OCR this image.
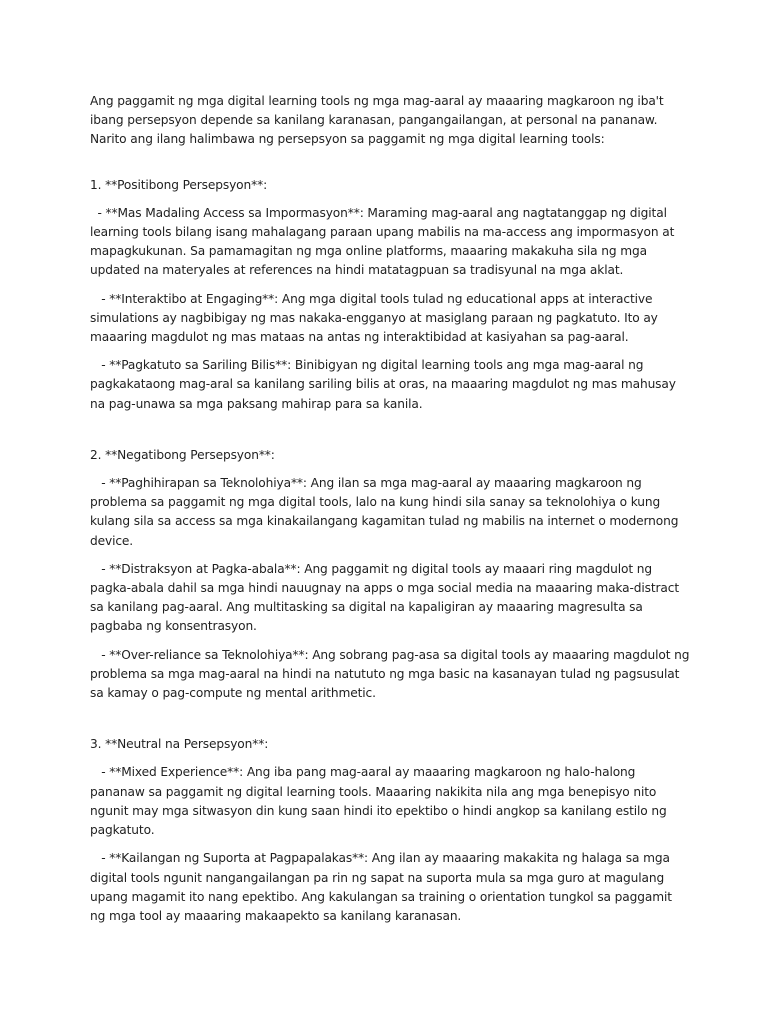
Ang paggamit ng mga digital learning tools ng mga mag-aaral ay maaaring magkaroon ng iba't ibang persepsyon depende sa kanilang karanasan, pangangailangan, at personal na pananaw. Narito ang ilang halimbawa ng persepsyon sa paggamit ng mga digital learning tools:

1. **Positibong Persepsyon**:

- **Mas Madaling Access sa Impormasyon**: Maraming mag-aaral ang nagtatanggap ng digital learning tools bilang isang mahalagang paraan upang mabilis na ma-access ang impormasyon at mapagkukunan. Sa pamamagitan ng mga online platforms, maaaring makakuha sila ng mga updated na materyales at references na hindi matatagpuan sa tradisyunal na mga aklat.

- **Interaktibo at Engaging**: Ang mga digital tools tulad ng educational apps at interactive simulations ay nagbibigay ng mas nakaka-engganyo at masiglang paraan ng pagkatuto. Ito ay maaaring magdulot ng mas mataas na antas ng interaktibidad at kasiyahan sa pag-aaral.

- **Pagkatuto sa Sariling Bilis**: Binibigyan ng digital learning tools ang mga mag-aaral ng pagkakataong mag-aral sa kanilang sariling bilis at oras, na maaaring magdulot ng mas mahusay na pag-unawa sa mga paksang mahirap para sa kanila.

2. **Negatibong Persepsyon**:

- **Paghihirapan sa Teknolohiya**: Ang ilan sa mga mag-aaral ay maaaring magkaroon ng problema sa paggamit ng mga digital tools, lalo na kung hindi sila sanay sa teknolohiya o kung kulang sila sa access sa mga kinakailangang kagamitan tulad ng mabilis na internet o modernong device.

- **Distraksyon at Pagka-abala**: Ang paggamit ng digital tools ay maaari ring magdulot ng pagka-abala dahil sa mga hindi nauugnay na apps o mga social media na maaaring maka-distract sa kanilang pag-aaral. Ang multitasking sa digital na kapaligiran ay maaaring magresulta sa pagbaba ng konsentrasyon.

- **Over-reliance sa Teknolohiya**: Ang sobrang pag-asa sa digital tools ay maaaring magdulot ng problema sa mga mag-aaral na hindi na natututo ng mga basic na kasanayan tulad ng pagsusulat sa kamay o pag-compute ng mental arithmetic.

3. **Neutral na Persepsyon**:

- **Mixed Experience**: Ang iba pang mag-aaral ay maaaring magkaroon ng halo-halong pananaw sa paggamit ng digital learning tools. Maaaring nakikita nila ang mga benepisyo nito ngunit may mga sitwasyon din kung saan hindi ito epektibo o hindi angkop sa kanilang estilo ng pagkatuto.

- **Kailangan ng Suporta at Pagpapalakas**: Ang ilan ay maaaring makakita ng halaga sa mga digital tools ngunit nangangailangan pa rin ng sapat na suporta mula sa mga guro at magulang upang magamit ito nang epektibo. Ang kakulangan sa training o orientation tungkol sa paggamit ng mga tool ay maaaring makaapekto sa kanilang karanasan.
